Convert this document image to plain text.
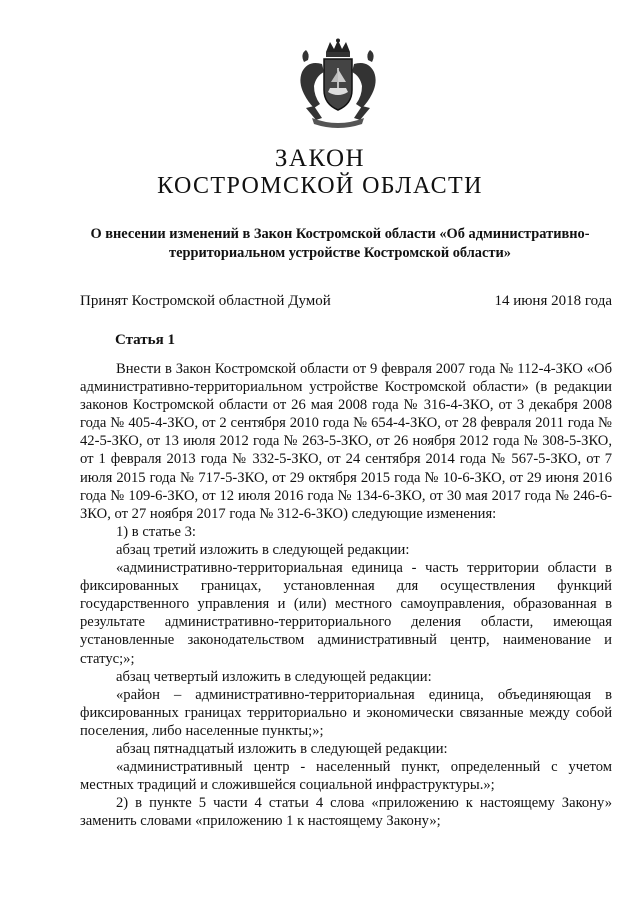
ЗАКОН
КОСТРОМСКОЙ ОБЛАСТИ
О внесении изменений в Закон Костромской области «Об административно-территориальном устройстве Костромской области»
Принят Костромской областной Думой	14 июня 2018 года
Статья 1

Внести в Закон Костромской области от 9 февраля 2007 года № 112-4-ЗКО «Об административно-территориальном устройстве Костромской области» (в редакции законов Костромской области от 26 мая 2008 года № 316-4-ЗКО, от 3 декабря 2008 года № 405-4-ЗКО, от 2 сентября 2010 года № 654-4-ЗКО, от 28 февраля 2011 года № 42-5-ЗКО, от 13 июля 2012 года № 263-5-ЗКО, от 26 ноября 2012 года № 308-5-ЗКО, от 1 февраля 2013 года № 332-5-ЗКО, от 24 сентября 2014 года № 567-5-ЗКО, от 7 июля 2015 года № 717-5-ЗКО, от 29 октября 2015 года № 10-6-ЗКО, от 29 июня 2016 года № 109-6-ЗКО, от 12 июля 2016 года № 134-6-ЗКО, от 30 мая 2017 года № 246-6-ЗКО, от 27 ноября 2017 года № 312-6-ЗКО) следующие изменения:

1) в статье 3:

абзац третий изложить в следующей редакции:

«административно-территориальная единица - часть территории области в фиксированных границах, установленная для осуществления функций государственного управления и (или) местного самоуправления, образованная в результате административно-территориального деления области, имеющая установленные законодательством административный центр, наименование и статус;»;

абзац четвертый изложить в следующей редакции:

«район – административно-территориальная единица, объединяющая в фиксированных границах территориально и экономически связанные между собой поселения, либо населенные пункты;»;

абзац пятнадцатый изложить в следующей редакции:

«административный центр - населенный пункт, определенный с учетом местных традиций и сложившейся социальной инфраструктуры.»;

2) в пункте 5 части 4 статьи 4 слова «приложению к настоящему Закону» заменить словами «приложению 1 к настоящему Закону»;
